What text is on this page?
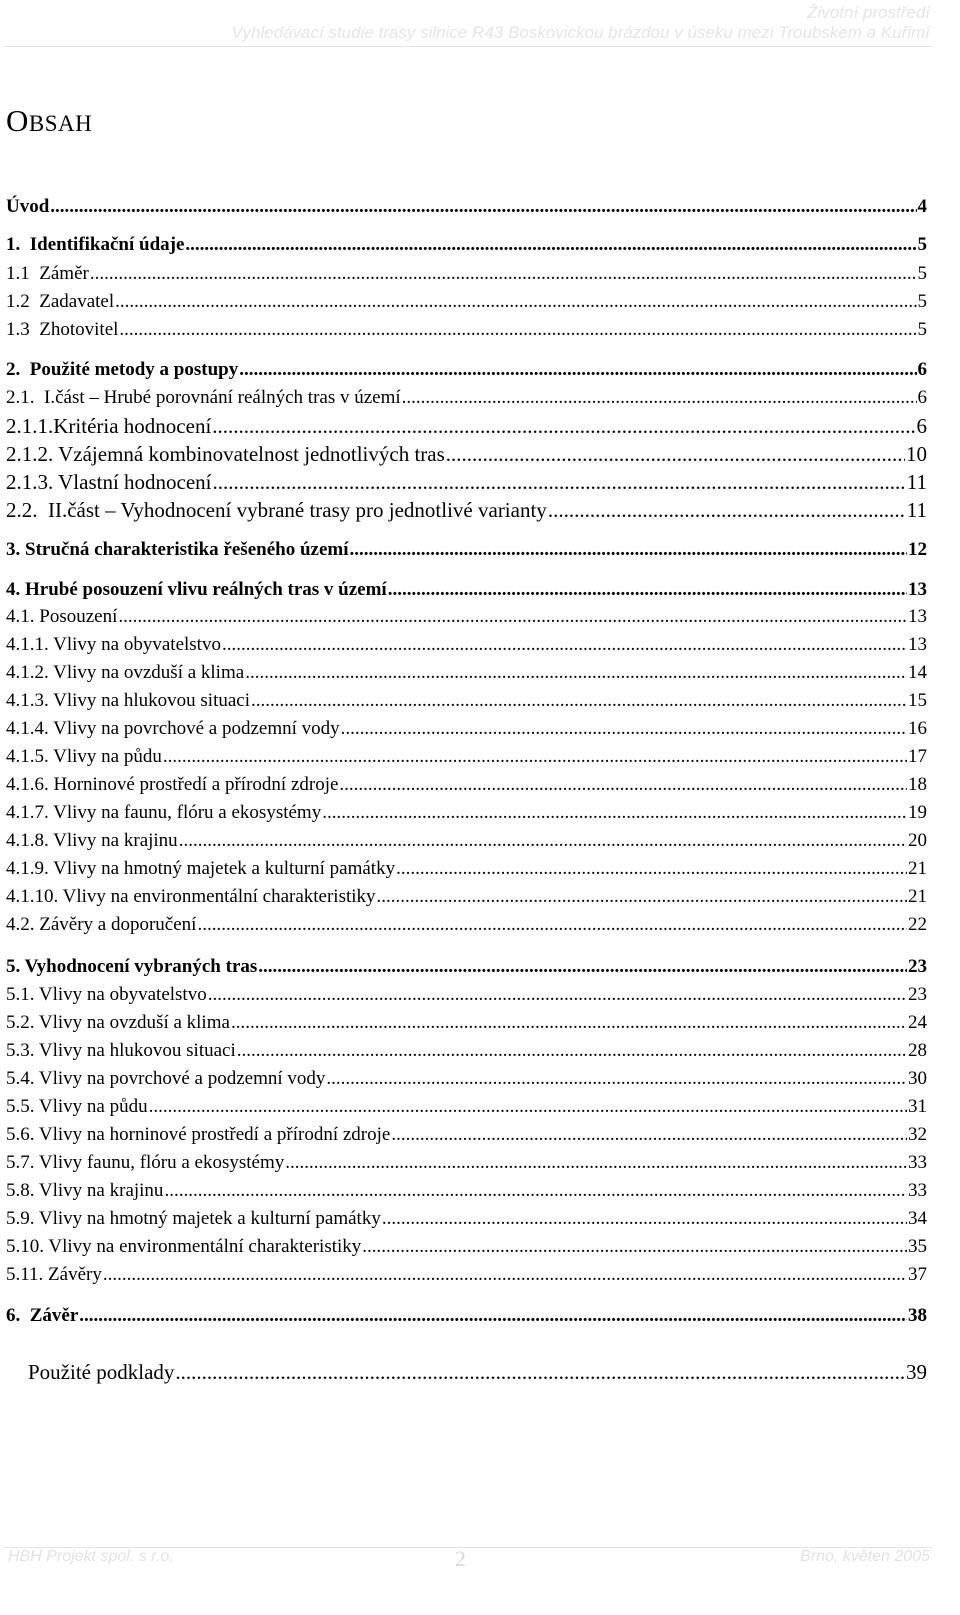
Životní prostředí
Vyhledávací studie trasy silnice R43 Boskovickou brázdou v úseku mezi Troubskem a Kuřimí
OBSAH
Úvod .....	4
1.  Identifikační údaje .....	5
1.1  Záměr .....	5
1.2  Zadavatel .....	5
1.3  Zhotovitel .....	5
2.  Použité metody a postupy .....	6
2.1.  I.část – Hrubé porovnání reálných tras v území .....	6
2.1.1.Kritéria hodnocení .....	6
2.1.2. Vzájemná kombinovatelnost jednotlivých tras .....	10
2.1.3. Vlastní hodnocení .....	11
2.2.  II.část – Vyhodnocení vybrané trasy pro jednotlivé varianty .....	11
3. Stručná charakteristika řešeného území .....	12
4. Hrubé posouzení vlivu reálných tras v území .....	13
4.1. Posouzení .....	13
4.1.1. Vlivy na obyvatelstvo .....	13
4.1.2. Vlivy na ovzduší a klima .....	14
4.1.3. Vlivy na hlukovou situaci .....	15
4.1.4. Vlivy na povrchové a podzemní vody .....	16
4.1.5. Vlivy na půdu .....	17
4.1.6. Horninové prostředí a přírodní zdroje .....	18
4.1.7. Vlivy na faunu, flóru a ekosystémy .....	19
4.1.8. Vlivy na krajinu .....	20
4.1.9. Vlivy na hmotný majetek a kulturní památky .....	21
4.1.10. Vlivy na environmentální charakteristiky .....	21
4.2. Závěry a doporučení .....	22
5. Vyhodnocení vybraných tras .....	23
5.1. Vlivy na obyvatelstvo .....	23
5.2. Vlivy na ovzduší a klima .....	24
5.3. Vlivy na hlukovou situaci .....	28
5.4. Vlivy na povrchové a podzemní vody .....	30
5.5. Vlivy na půdu .....	31
5.6. Vlivy na horninové prostředí a přírodní zdroje .....	32
5.7. Vlivy faunu, flóru a ekosystémy .....	33
5.8. Vlivy na krajinu .....	33
5.9. Vlivy na hmotný majetek a kulturní památky .....	34
5.10. Vlivy na environmentální charakteristiky .....	35
5.11. Závěry .....	37
6.  Závěr .....	38
Použité podklady .....	39
HBH Projekt spol. s r.o.	2	Brno, květen 2005
